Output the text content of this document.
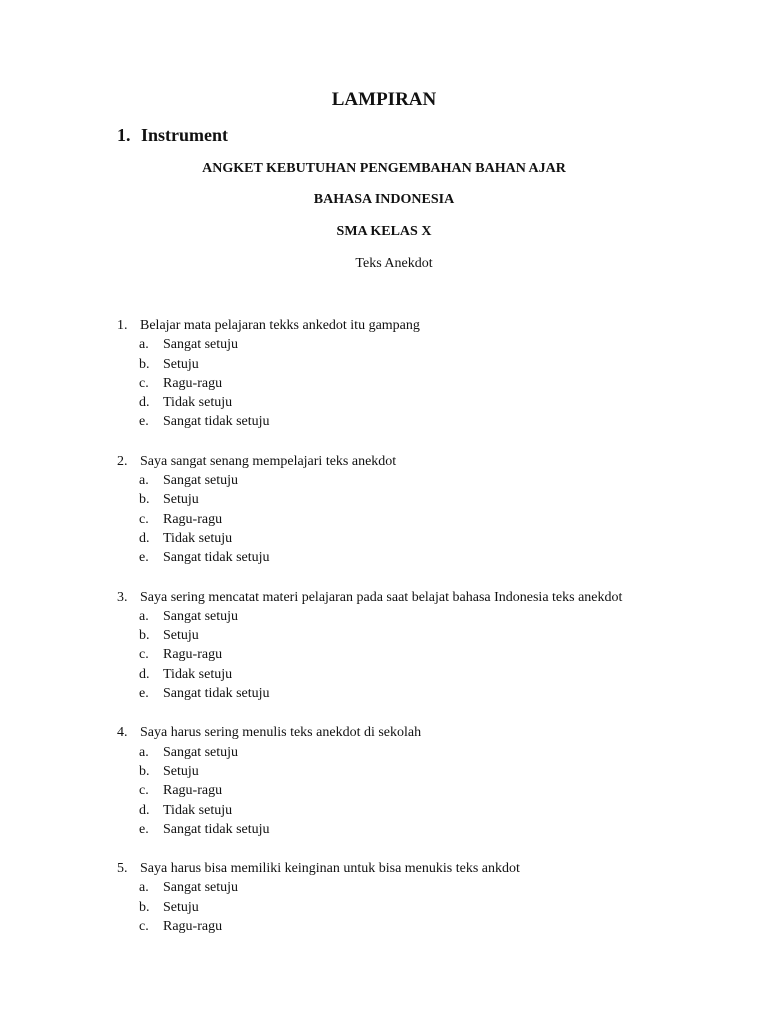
LAMPIRAN
1. Instrument

ANGKET KEBUTUHAN PENGEMBAHAN BAHAN AJAR

BAHASA INDONESIA

SMA KELAS X

Teks Anekdot

1. Belajar mata pelajaran tekks ankedot itu gampang
a.	Sangat setuju
b. Setuju
c.	Ragu-ragu
d. Tidak setuju
e.	Sangat tidak setuju
2. Saya sangat senang mempelajari teks anekdot
a.	Sangat setuju
b. Setuju
c.	Ragu-ragu
d. Tidak setuju
e.	Sangat tidak setuju
3. Saya sering mencatat materi pelajaran pada saat belajat bahasa Indonesia teks anekdot
a.	Sangat setuju
b. Setuju
c.	Ragu-ragu
d. Tidak setuju
e.	Sangat tidak setuju
4. Saya harus sering menulis teks anekdot di sekolah
a.	Sangat setuju
b. Setuju
c.	Ragu-ragu
d. Tidak setuju
e.	Sangat tidak setuju
5. Saya harus bisa memiliki keinginan untuk bisa menukis teks ankdot
a.	Sangat setuju
b. Setuju
c.	Ragu-ragu
